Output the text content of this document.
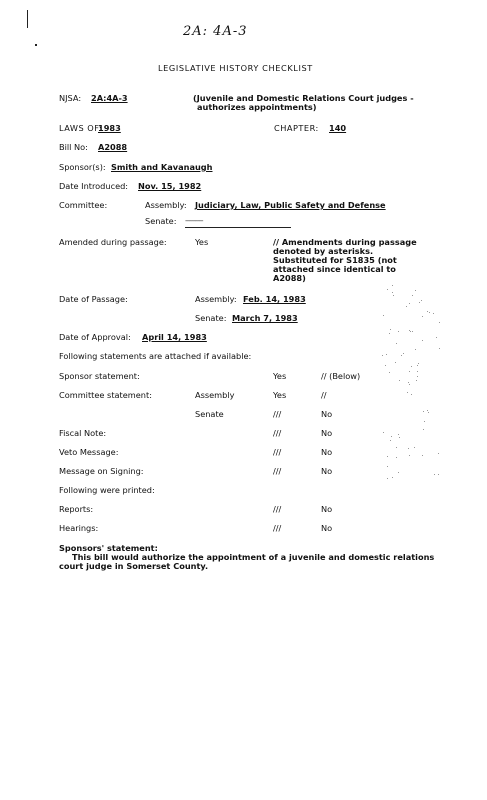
2A: 4A-3
LEGISLATIVE HISTORY CHECKLIST
NJSA: 2A:4A-3	(Juvenile and Domestic Relations Court judges -
authorizes appointments)
LAWS OF:
1983	CHAPTER: 140
Bill No: A2088
Sponsor(s): Smith and Kavanaugh
Date Introduced: Nov. 15, 1982
Committee:	Assembly: Judiciary, Law, Public Safety and Defense
Senate: ---------
Amended during passage:	Yes	// Amendments during passage
denoted by asterisks.
Substituted for S1835 (not
attached since identical to
A2088)
Date of Passage:	Assembly: Feb. 14, 1983
Senate: March 7, 1983
Date of Approval: April 14, 1983
Following statements are attached if available:
Sponsor statement:	Yes	// (Below)
Committee statement:	Assembly	Yes	//
Senate	///	No
Fiscal Note:	///	No
Veto Message:	///	No
Message on Signing:	///	No
Following were printed:
Reports:	///	No
Hearings:	///	No
Sponsors' statement:
This bill would authorize the appointment of a juvenile and domestic relations
court judge in Somerset County.
